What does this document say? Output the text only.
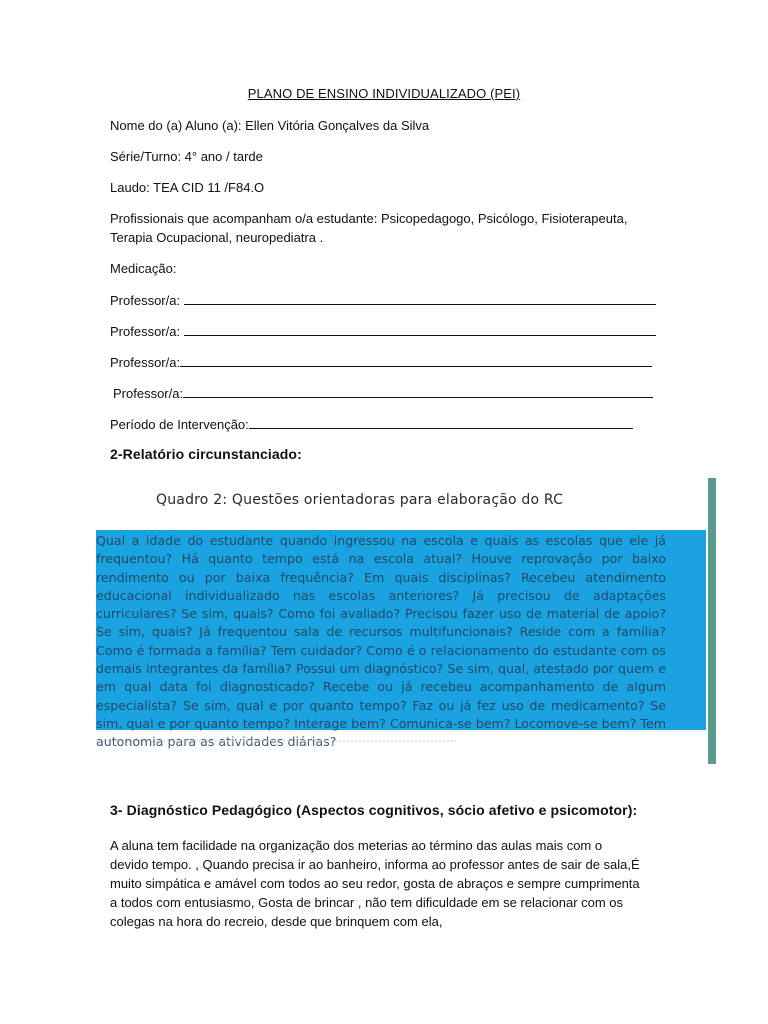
PLANO DE ENSINO INDIVIDUALIZADO (PEI)
Nome do (a) Aluno (a): Ellen Vitória Gonçalves da Silva
Série/Turno: 4° ano / tarde
Laudo: TEA CID 11 /F84.O
Profissionais que acompanham o/a estudante: Psicopedagogo, Psicólogo, Fisioterapeuta,
Terapia Ocupacional, neuropediatra .
Medicação:
Professor/a:
Professor/a:
Professor/a:
Professor/a:
Período de Intervenção:
2-Relatório circunstanciado:
Quadro 2: Questões orientadoras para elaboração do RC
Qual a idade do estudante quando ingressou na escola e quais as escolas que ele já frequentou? Há quanto tempo está na escola atual? Houve reprovação por baixo rendimento ou por baixa frequência? Em quais disciplinas? Recebeu atendimento educacional individualizado nas escolas anteriores? Já precisou de adaptações curriculares? Se sim, quais? Como foi avaliado? Precisou fazer uso de material de apoio? Se sim, quais? Já frequentou sala de recursos multifuncionais? Reside com a família? Como é formada a família? Tem cuidador? Como é o relacionamento do estudante com os demais integrantes da família? Possui um diagnóstico? Se sim, qual, atestado por quem e em qual data foi diagnosticado? Recebe ou já recebeu acompanhamento de algum especialista? Se sim, qual e por quanto tempo? Faz ou já fez uso de medicamento? Se sim, qual e por quanto tempo? Interage bem? Comunica-se bem? Locomove-se bem? Tem autonomia para as atividades diárias?
3- Diagnóstico Pedagógico (Aspectos cognitivos, sócio afetivo e psicomotor):
A aluna tem facilidade na organização dos meterias ao término das aulas mais com o devido tempo. , Quando precisa ir ao banheiro, informa ao professor antes de sair de sala,É muito simpática e amável com todos ao seu redor, gosta de abraços e sempre cumprimenta a todos com entusiasmo, Gosta de brincar , não tem dificuldade em se relacionar com os colegas na hora do recreio, desde que brinquem com ela,
